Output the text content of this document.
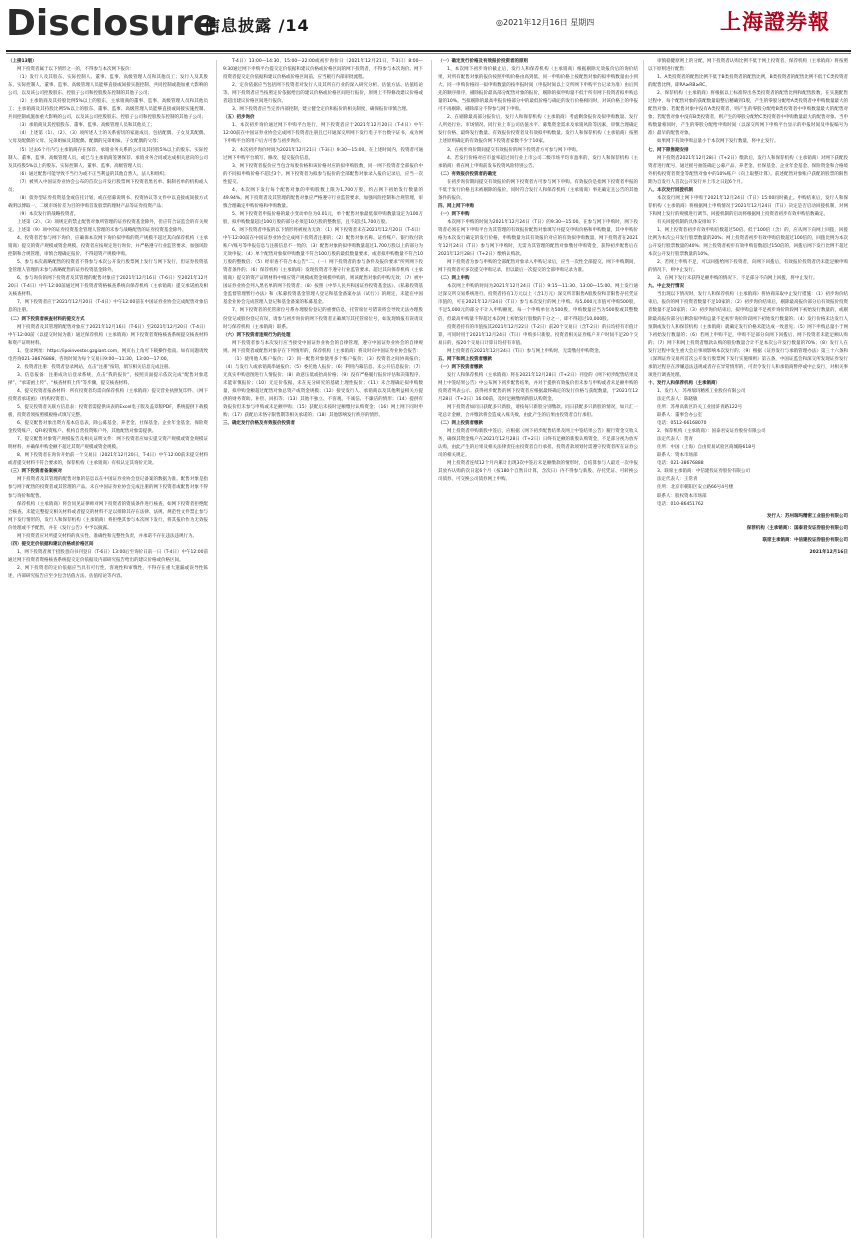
Disclosure
信息披露 /14	◎2021年12月16日 星期四	上海證券報

（上接13版）

网下投资者属于以下情形之一的，不得参与本次网下报价：

（1）发行人及其股东、实际控制人、董事、监事、高级管理人员和其他员工；发行人及其股东、实际控制人、董事、监事、高级管理人员能够直接或间接实施控制、共同控制或施加重大影响的公司，以及该公司控股股东、控股子公司和控股股东控制的其他子公司；

（2）主承销商及其持股比例5%以上的股东，主承销商的董事、监事、高级管理人员和其他员工；主承销商及其持股比例5%以上的股东、董事、监事、高级管理人员能够直接或间接实施控制、共同控制或施加重大影响的公司，以及该公司控股股东、控股子公司和控股股东控制的其他子公司；

（3）承销商及其控股股东、董事、监事、高级管理人员和其他员工；

（4）上述第（1）、（2）、（3）项所述人士的关系密切的家庭成员，包括配偶、子女及其配偶、父母及配偶的父母、兄弟姐妹及其配偶、配偶的兄弟姐妹、子女配偶的父母；

（5）过去6个月内与主承销商存在保荐、承销业务关系的公司及其持股5%以上的股东、实际控制人、董事、监事、高级管理人员，或已与主承销商签署保荐、承销业务合同或达成相关意向的公司及其持股5%以上的股东、实际控制人、董事、监事、高级管理人员；

（6）通过配售可能导致不当行为或不正当利益的其他自然人、法人和组织；

（7）被列入中国证券业协会公布的首次公开发行股票网下投资者黑名单、限制名单的机构或人员；

（8）债券型证券投资基金或信托计划，或在招募说明书、投资协议等文件中以直接或间接方式载明以博取一、二级市场价差为目的申购首发股票的理财产品等证券投资产品；

（9）本次发行的战略投资者。

上述第（2）、（3）项规定的禁止配售对象所管理的证券投资基金除外，但应符合证监会的有关规定。上述第（9）项中的证券投资基金管理人管理的未参与战略配售的证券投资基金除外。

4、投资者若参与网下询价，应确保本次网下询价拟申购的资产规模不超过其向保荐机构（主承销商）提交的资产规模或资金规模。投资者应按规定进行询价，并严格遵守行业监管要求，加强风险控制和合规管理，审慎合理确定报价，不得超资产规模申购。

5、参与本次战略配售的投资者不得参与本次公开发行股票网上发行与网下发行，但证券投资基金管理人管理的未参与战略配售的证券投资基金除外。

6、参与询价的网下投资者及其管理的配售对象应于2021年12月16日（T-6日）至2021年12月20日（T-4日）中午12:00前通过网下投资者资格核查系统向保荐机构（主承销商）提交承诺函及相关核查材料。

7、网下投资者应于2021年12月20日（T-4日）中午12:00前在中国证券业协会完成配售对象信息的注册。

（二）网下投资者核查材料的提交方式

网下投资者及其管理的配售对象应于2021年12月16日（T-6日）至2021年12月20日（T-4日）中午12:00前（以提交时间为准）通过保荐机构（主承销商）网下投资者资格核查系统提交核查材料和资产证明材料。

1、登录网址：https://ipoinvestor.gzgiant.com，网页右上角可下载操作指南。如有问题请致电咨询021-38676888，咨询时间为每个交易日9:00—11:30，13:00—17:00。

2、投资者注册：投资者登录网站，点击“注册”按钮，填写相关信息完成注册。

3、信息报备：注册成功后登录系统，点击“我的报价”，按照页面提示依次完成“配售对象选择”、“承诺函上传”、“核查材料上传”等步骤，提交核查材料。

4、提交投资者报备材料：所有投资者均需向保荐机构（主承销商）提交营业执照复印件、《网下投资者承诺函》（机构投资者）。

5、提交投资者关联方信息表：投资者需提供该表的Excel电子版及盖章版PDF，系统提供下载模板，投资者须按照模板格式填写完整。

6、提交配售对象出资方基本信息表，除公募基金、养老金、社保基金、企业年金基金、保险资金投资账户、QFII投资账户、机构自营投资账户外，其他配售对象需提供。

7、提交配售对象资产规模报告及相关证明文件：网下投资者应如实提交资产规模或资金规模证明材料，并确保申购金额不超过其资产规模或资金规模。

8、网下投资者在询价开始前一个交易日（2021年12月20日，T-4日）中午12:00前未提交材料或者提交材料不符合要求的，保荐机构（主承销商）有权认定其询价无效。

（三）网下投资者备案核对

网下投资者及其管理的配售对象的信息以在中国证券业协会登记备案的数据为准。配售对象是指参与网下配售的投资者或其管理的产品。未在中国证券业协会完成注册的网下投资者或配售对象不得参与询价和配售。

保荐机构（主承销商）将会同见证律师对网下投资者的资质条件进行核查，如网下投资者拒绝配合核查、未能完整提交相关材料或者提交的材料不足以排除其存在法律、法规、规范性文件禁止参与网下发行情形的，发行人和保荐机构（主承销商）将拒绝其参与本次网下发行，将其报价作为无效报价处理或不予配售，并在《发行公告》中予以披露。

网下投资者应对所提交材料的真实性、准确性和完整性负责，并承诺不存在违法违规行为。

（四）提交定价依据和建议价格或价格区间

1、网下投资者须于招股意向书刊登日（T-6日）13:00后至询价日前一日（T-4日）中午12:00前通过网下投资者资格核查系统提交定价依据及内部研究报告给出的建议价格或价格区间。

2、网下投资者的定价依据应当具有可行性、客观性和审慎性，不得存在重大遗漏或误导性陈述，内部研究报告应至少包含估值方法、估值结论等内容。

T-4日）13:00—14:30、15:00—22:00或初步询价日（2021年12月21日，T-3日）8:00—9:30通过网下申购平台提交定价依据和建议价格或价格区间的网下投资者，不得参与本次询价。网下投资者提交定价依据和建议价格或价格区间前，应当履行内部审批流程。

2、定价依据应当包括网下投资者对发行人及其所在行业的深入研究分析、估值方法、估值结论等。网下投资者应当按照定价依据给出的建议价格或价格区间进行报价，原则上不得修改建议价格或者超出建议价格区间进行报价。

3、网下投资者应当完善内部控制，建立健全定价和报价的相关制度，确保报价审慎合理。

（五）初步询价

1、本次初步询价通过网下申购平台进行，网下投资者应于2021年12月20日（T-4日）中午12:00前在中国证券业协会完成网下投资者注册且已开通深交所网下发行电子平台数字证书，成为网下申购平台的用户后方可参与初步询价。

2、本次初步询价时间为2021年12月21日（T-3日）9:30—15:00。在上述时间内，投资者可通过网下申购平台填写、修改、提交报价信息。

3、网下投资者报价应当包含每股价格和该价格对应的拟申购股数，同一网下投资者全部报价中的不同拟申购价格不超过3个。网下投资者为拟参与报价的全部配售对象录入报价记录后，应当一次性提交。

4、本次网下发行每个配售对象的申购股数上限为1,700万股，约占网下初始发行数量的49.94%。网下投资者及其管理的配售对象应严格遵守行业监管要求，加强风险控制和合规管理，审慎合理确定申购价格和申购数量。

5、网下投资者申报价格的最小变动单位为0.01元，单个配售对象最低拟申购数量设定为100万股，拟申购数量超过100万股的部分必须是10万股的整数倍，且不超过1,700万股。

6、网下投资者申报的以下情形将被视为无效：（1）网下投资者未在2021年12月20日（T-4日）中午12:00前在中国证券业协会完成网下投资者注册的；（2）配售对象名称、证券账户、银行收付款账户/账号等申报信息与注册信息不一致的；（3）配售对象的拟申购数量超过1,700万股以上的部分为无效申报；（4）单个配售对象拟申购数量不符合100万股的最低数量要求，或者拟申购数量不符合10万股的整数倍；（5）经审查不符合本公告“二、（一）网下投资者的参与条件及报价要求”所列网下投资者条件的；（6）保荐机构（主承销商）发现投资者不遵守行业监管要求、超过其向保荐机构（主承销商）提交的资产证明材料中相应资产规模或资金规模申购的，则该配售对象的申购无效；（7）被中国证券业协会列入黑名单的网下投资者；（8）按照《中华人民共和国证券投资基金法》、《私募投资基金监督管理暂行办法》和《私募投资基金管理人登记和基金备案办法（试行）》的规定，未能在中国基金业协会完成管理人登记和基金备案的私募基金。

7、网下投资者的托管席位号系办理股份登记的重要信息，托管席位号错误将会导致无法办理股份登记或股份登记有误，请参与初步询价的网下投资者正确填写其托管席位号，如发现填报有误请及时与保荐机构（主承销商）联系。

（六）网下投资者违规行为的处理

网下投资者参与本次发行应当接受中国证券业协会的自律管理，遵守中国证券业协会的自律规则。网下投资者或配售对象存在下列情形的，保荐机构（主承销商）将及时向中国证券业协会报告：

（1）使用他人账户报价；（2）同一配售对象使用多个账户报价；（3）投资者之间协商报价；（4）与发行人或承销商串通报价；（5）委托他人报价；（6）利用内幕信息、未公开信息报价；（7）无真实申购意图进行人情报价；（8）故意压低或抬高价格；（9）没有严格履行报价评估和决策程序、未能审慎报价；（10）无定价依据、未在充分研究的基础上理性报价；（11）未合理确定拟申购数量，拟申购金额超过配售对象总资产或资金规模；（12）接受发行人、承销商以及其他利益相关方提供的财务资助、补偿、回扣等；（13）其他不独立、不客观、不诚信、不廉洁的情形；（14）提供有效报价但未参与申购或未足额申购；（15）获配后未按时足额缴付认购资金；（16）网上网下同时申购；（17）获配后未恪守限售期等相关承诺的；（18）其他影响发行秩序的情形。

三、确定发行价格及有效报价投资者

（一）确定发行价格及有效报价投资者的原则

1、本次网下初步询价截止后，发行人和保荐机构（主承销商）根据剔除无效报价后的询价结果，对所有配售对象的报价按照申购价格由高到低、同一申购价格上按配售对象的拟申购数量由小到大、同一申购价格同一拟申购数量的按申报时间（申报时间以上交所网下申购平台记录为准）由后到先的顺序排序，剔除报价最高部分配售对象的报价，剔除的拟申购量不低于所有网下投资者拟申购总量的10%。当拟剔除的最高申报价格部分中的最低价格与确定的发行价格相同时，对该价格上的申报可不再剔除。剔除部分不得参与网下申购。

2、在剔除最高部分报价后，发行人和保荐机构（主承销商）考虑剩余报价及拟申购数量、发行人所处行业、市场情况、同行业上市公司估值水平、募集资金需求及承销风险等因素，审慎合理确定发行价格、最终发行数量、有效报价投资者及有效拟申购数量。发行人和保荐机构（主承销商）按照上述原则确定的有效报价网下投资者家数不少于10家。

3、在初步询价期间提交有效报价的网下投资者方可参与网下申购。

4、若发行价格对应市盈率超过同行业上市公司二级市场平均市盈率的，发行人和保荐机构（主承销商）将在网上申购前发布投资风险特别公告。

（二）有效报价投资者的确定

在初步询价期间提交有效报价的网下投资者方可参与网下申购。有效报价是指网下投资者申报的不低于发行价格且未被剔除的报价，同时符合发行人和保荐机构（主承销商）事先确定且公告的其他条件的报价。

四、网上网下申购

（一）网下申购

本次网下申购的时间为2021年12月24日（T日）的9:30—15:00。在参与网下申购时，网下投资者必须在网下申购平台为其管理的有效报价配售对象填写并提交申购价格和申购数量，其中申购价格为本次发行确定的发行价格，申购数量为其有效报价对应的有效拟申购数量。网下投资者在2021年12月24日（T日）参与网下申购时，无需为其管理的配售对象缴付申购资金，获得初步配售后在2021年12月28日（T+2日）缴纳认购款。

网下投资者为参与申购的全部配售对象录入申购记录后，应当一次性全部提交。网下申购期间，网下投资者可多次提交申购记录，但以最后一次提交的全部申购记录为准。

（二）网上申购

本次网上申购的时间为2021年12月24日（T日）9:15—11:30、13:00—15:00。网上发行通过深交所交易系统进行。投资者持有1万元以上（含1万元）深交所非限售A股股份和非限售存托凭证市值的，可在2021年12月24日（T日）参与本次发行的网上申购。每5,000元市值可申购500股，不足5,000元的部分不计入申购额度。每一个申购单位为500股，申购数量应当为500股或其整数倍，但最高申购量不得超过本次网上初始发行股数的千分之一，即不得超过10,000股。

投资者持有的市值按其2021年12月22日（T-2日）前20个交易日（含T-2日）的日均持有市值计算，可同时用于2021年12月24日（T日）申购多只新股。投资者相关证券账户开户时间不足20个交易日的，按20个交易日计算日均持有市值。

网上投资者在2021年12月24日（T日）参与网上申购时，无需缴付申购资金。

五、网下和网上投资者缴款

（一）网下投资者缴款

发行人和保荐机构（主承销商）将在2021年12月28日（T+2日）刊登的《网下初步配售结果及网上中签结果公告》中公布网下初步配售结果，并对于提供有效报价但未参与申购或者未足额申购的投资者列表公示。获得初步配售的网下投资者应根据最终确定的发行价格与获配数量，于2021年12月28日（T+2日）16:00前，及时足额缴纳新股认购资金。

网下投资者如同日获配多只新股，请按每只新股分别缴款。同日获配多只新股的情况，如只汇一笔总计金额，合并缴款将会造成入账失败，由此产生的后果由投资者自行承担。

（二）网上投资者缴款

网上投资者申购新股中签后，应根据《网下初步配售结果及网上中签结果公告》履行资金交收义务，确保其资金账户在2021年12月28日（T+2日）日终有足额的新股认购资金，不足部分视为放弃认购，由此产生的后果及相关法律责任由投资者自行承担。投资者款项划付需遵守投资者所在证券公司的相关规定。

网上投资者连续12个月内累计出现3次中签后未足额缴款的情形时，自结算参与人最近一次申报其放弃认购的次日起6个月（按180个自然日计算，含次日）内不得参与新股、存托凭证、可转换公司债券、可交换公司债券网上申购。

审慎稳健原则上的分配，网下投资者认购比例不低于网上投资者，保荐机构（主承销商）将按照以下原则进行配售：

1、A类投资者的配售比例不低于B类投资者的配售比例，B类投资者的配售比例不低于C类投资者的配售比例，即RA≥RB≥RC。

2、保荐机构（主承销商）将根据以上标准得出各类投资者的配售比例和配售股数，在实施配售过程中，每个配售对象的获配数量取整后精确到1股，产生的零股分配给A类投资者中申购数量最大的配售对象；若配售对象中没有A类投资者，则产生的零股分配给B类投资者中申购数量最大的配售对象；若配售对象中没有B类投资者，则产生的零股分配给C类投资者中申购数量最大的配售对象。当申购数量相同时，产生的零股分配给申购时间（以深交所网下申购平台显示的申报时间及申报编号为准）最早的配售对象。

如果网下有效申购总量小于本次网下发行数量，将中止发行。

七、网下限售期安排

网下投资者2021年12月28日（T+2日）缴款后，发行人和保荐机构（主承销商）对网下获配投资者进行配号，通过摇号抽签确定公募产品、养老金、社保基金、企业年金基金、保险资金和合格境外机构投资者资金等配售对象中的10%账户（向上取整计算）。前述配售对象账户获配的股票的限售期为自发行人首次公开发行并上市之日起6个月。

八、本次发行回拨机制

本次发行网上网下申购于2021年12月24日（T日）15:00同时截止。申购结束后，发行人和保荐机构（主承销商）将根据网上申购情况于2021年12月24日（T日）决定是否启动回拨机制，对网下和网上发行的规模进行调节。回拨机制的启动将根据网上投资者初步有效申购倍数确定。

有关回拨机制的具体安排如下：

1、网上投资者初步有效申购倍数超过50倍、低于100倍（含）的，应从网下向网上回拨，回拨比例为本次公开发行股票数量的20%；网上投资者初步有效申购倍数超过100倍的，回拨比例为本次公开发行股票数量的40%；网上投资者初步有效申购倍数超过150倍的，回拨后网下发行比例不超过本次公开发行股票数量的10%。

2、若网上申购不足，可以回拨给网下投资者，向网下回拨后，有效报价投资者仍未能足额申购的情况下，则中止发行。

3、在网下发行未获得足额申购的情况下，不足部分不向网上回拨，将中止发行。

九、中止发行情况

当出现以下情况时，发行人和保荐机构（主承销商）将协商采取中止发行措施：（1）初步询价结束后，报价的网下投资者数量不足10家的；（2）初步询价结束后，剔除最高报价部分后有效报价投资者数量不足10家的；（3）初步询价结束后，拟申购总量不足初步询价阶段网下初始发行数量的，或剔除最高报价部分后剩余拟申购总量不足初步询价阶段网下初始发行数量的；（4）发行价格未达发行人预期或发行人和保荐机构（主承销商）就确定发行价格未能达成一致意见；（5）网下申购总量小于网下初始发行数量的；（6）若网上申购不足，申购不足部分向网下回拨后，网下投资者未能足额认购的；（7）网下和网上投资者缴款认购的股份数量合计不足本次公开发行数量的70%；（8）发行人在发行过程中发生重大会后事项影响本次发行的；（9）根据《证券发行与承销管理办法》第三十六条和《深圳证券交易所首次公开发行股票网下发行实施细则》第五条，中国证监会和深交所发现证券发行承销过程存在涉嫌违法违规或者存在异常情形的，可责令发行人和承销商暂停或中止发行，对相关事项进行调查处理。

十、发行人和保荐机构（主承销商）

1、发行人：苏州瑞玛精密工业股份有限公司

法定代表人：陈晓敏

住所：苏州高新区浒关工业园浒青路122号

联系人：董事会办公室

电话：0512-66168070

2、保荐机构（主承销商）：国泰君安证券股份有限公司

法定代表人：贺青

住所：中国（上海）自由贸易试验区商城路618号

联系人：资本市场部

电话：021-38676888

3、联席主承销商：中信建投证券股份有限公司

法定代表人：王常青

住所：北京市朝阳区安立路66号4号楼

联系人：股权资本市场部

电话：010-86451762

发行人：苏州瑞玛精密工业股份有限公司

保荐机构（主承销商）：国泰君安证券股份有限公司

联席主承销商：中信建投证券股份有限公司

2021年12月16日
